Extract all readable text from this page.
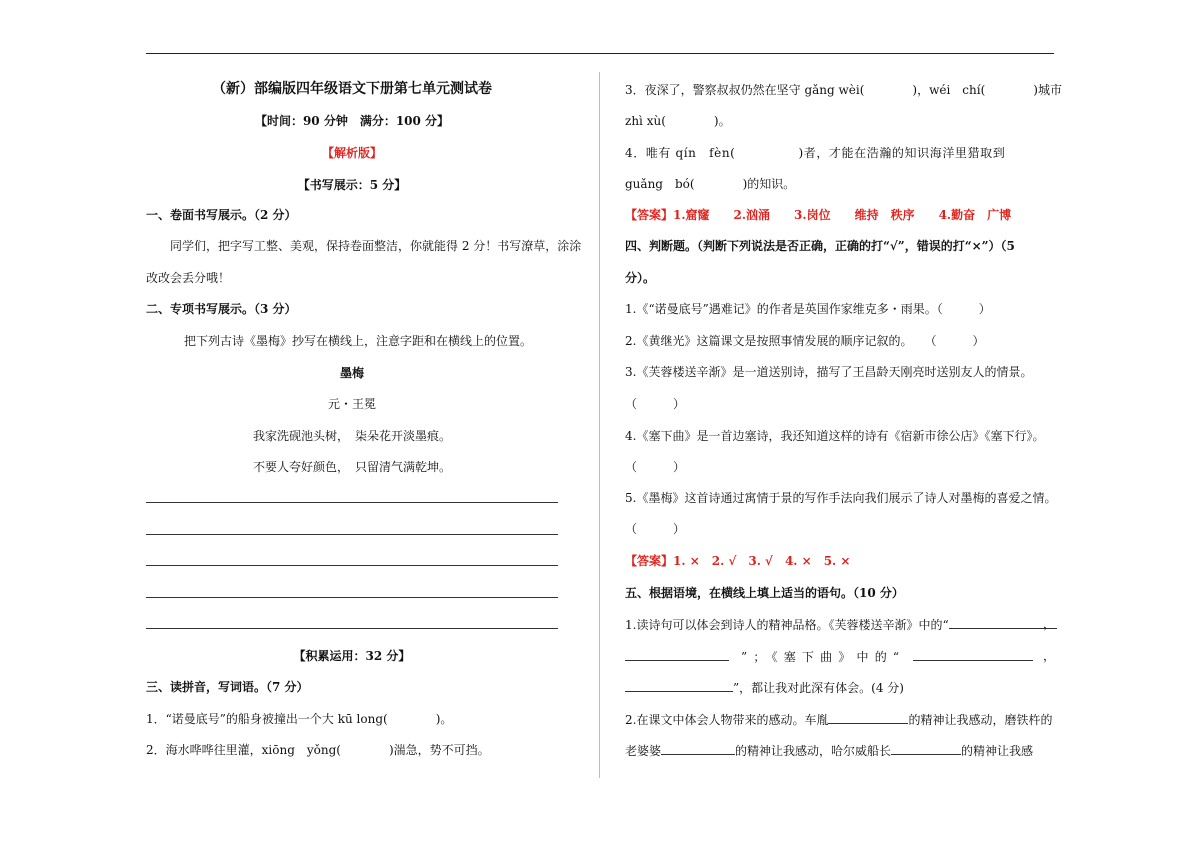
（新）部编版四年级语文下册第七单元测试卷
【时间：90 分钟　满分：100 分】
【解析版】
【书写展示：5 分】
一、卷面书写展示。（2 分）
同学们，把字写工整、美观，保持卷面整洁，你就能得 2 分！书写潦草，涂涂
改改会丢分哦！
二、专项书写展示。（3 分）
把下列古诗《墨梅》抄写在横线上，注意字距和在横线上的位置。
墨梅
元・王冕
我家洗砚池头树，　柒朵花开淡墨痕。
不要人夸好颜色，　只留清气满乾坤。
【积累运用：32 分】
三、读拼音，写词语。（7 分）
1．“诺曼底号”的船身被撞出一个大 kū long(　　　　)。
2．海水哗哗往里灌，xiōng　yǒng(　　　　)湍急，势不可挡。
3．夜深了，警察叔叔仍然在坚守 gǎng wèi(　　　　)，wéi　chí(　　　　)城市
zhì xù(　　　　)。
4．唯有 qín　fèn(　　　　　)者，才能在浩瀚的知识海洋里猎取到
guǎng　bó(　　　　)的知识。
【答案】1.窟窿　　2.汹涌　　3.岗位　　维持　秩序　　4.勤奋　广博
四、判断题。（判断下列说法是否正确，正确的打“√”，错误的打“×”）（5
分）。
1.《“诺曼底号”遇难记》的作者是英国作家维克多・雨果。（　　　）
2.《黄继光》这篇课文是按照事情发展的顺序记叙的。　　（　　　）
3.《芙蓉楼送辛渐》是一道送别诗，描写了王昌龄天刚亮时送别友人的情景。
（　　　）
4.《塞下曲》是一首边塞诗，我还知道这样的诗有《宿新市徐公店》《塞下行》。
（　　　）
5.《墨梅》这首诗通过寓情于景的写作手法向我们展示了诗人对墨梅的喜爱之情。
（　　　）
【答案】1. ×　2. √　3. √　4. ×　5. ×
五、根据语境，在横线上填上适当的语句。（10 分）
1.读诗句可以体会到诗人的精神品格。《芙蓉楼送辛渐》中的“	，
”；《塞下曲》中的“	，
”，都让我对此深有体会。(4 分)
2.在课文中体会人物带来的感动。车胤	的精神让我感动，磨铁杵的
老婆婆	的精神让我感动，哈尔威船长	的精神让我感
